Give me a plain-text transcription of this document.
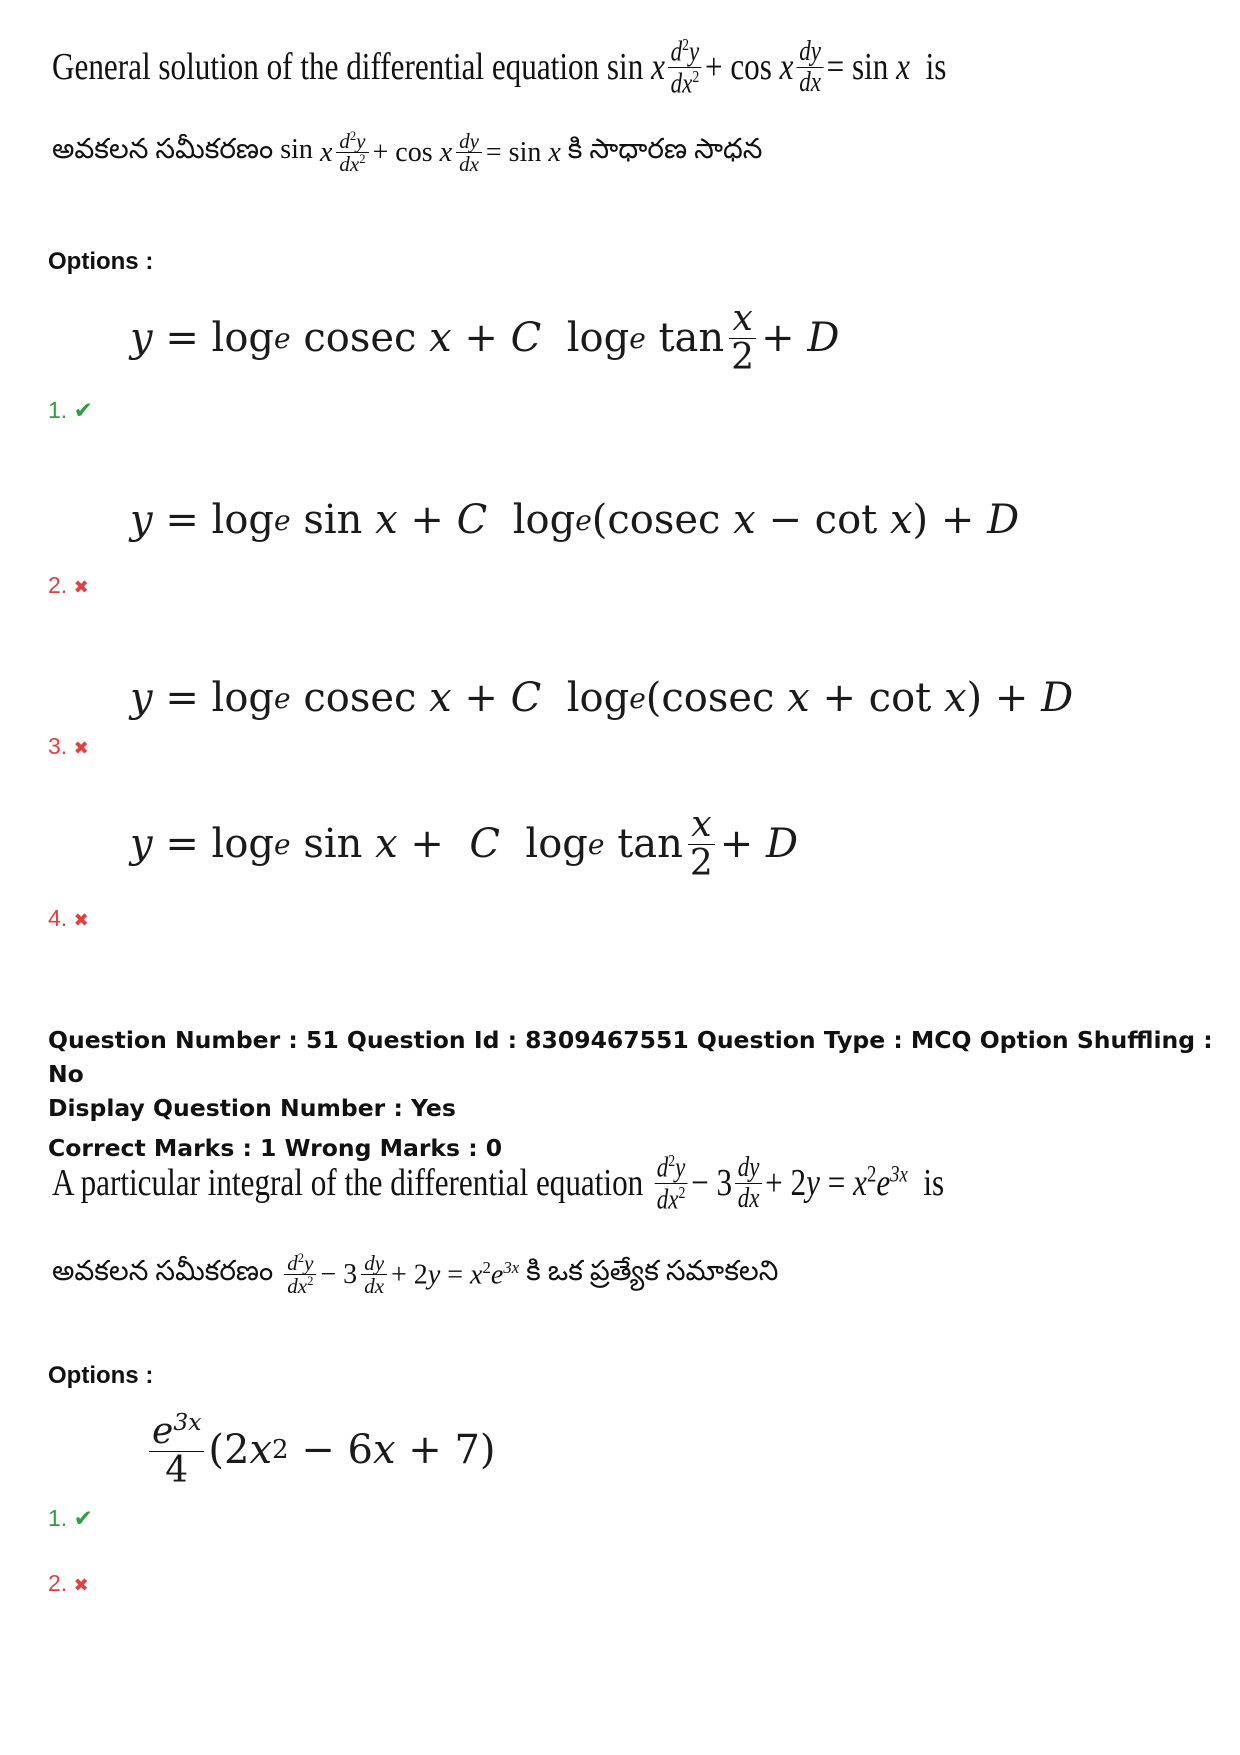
General solution of the differential equation sin x $\frac{d^2y}{dx^2} + \cos x \frac{dy}{dx} = \sin x$ is
అవకలన సమీకరణం sin x $\frac{d^2y}{dx^2} + \cos x \frac{dy}{dx} = \sin x$ కి సాధారణ సాధన
Options :
y = log e cosec x + C log e $\tan \frac{x}{2} + D$
1. ✔
y = log e sin x + C log e (cosec x − cot x ) + D
2. ✖
y = log e cosec x + C log e (cosec x + cot x ) + D
3. ✖
y = log e sin x + C log e $\tan \frac{x}{2} + D$
4. ✖
Question Number : 51 Question Id : 8309467551 Question Type : MCQ Option Shuffling : No
Display Question Number : Yes
Correct Marks : 1 Wrong Marks : 0
A particular integral of the differential equation
$\frac{d^2y}{dx^2} - 3 \frac{dy}{dx} + 2y = x^2e^{3x}$ is
అవకలన సమీకరణం
$\frac{d^2y}{dx^2} - 3 \frac{dy}{dx} + 2y = x^2e^{3x}$ కి ఒక ప్రత్యేక సమాకలని
Options :
$\frac{e^{3x}}{4} (2$ x 2 − 6 x + 7)
1. ✔
2. ✖
